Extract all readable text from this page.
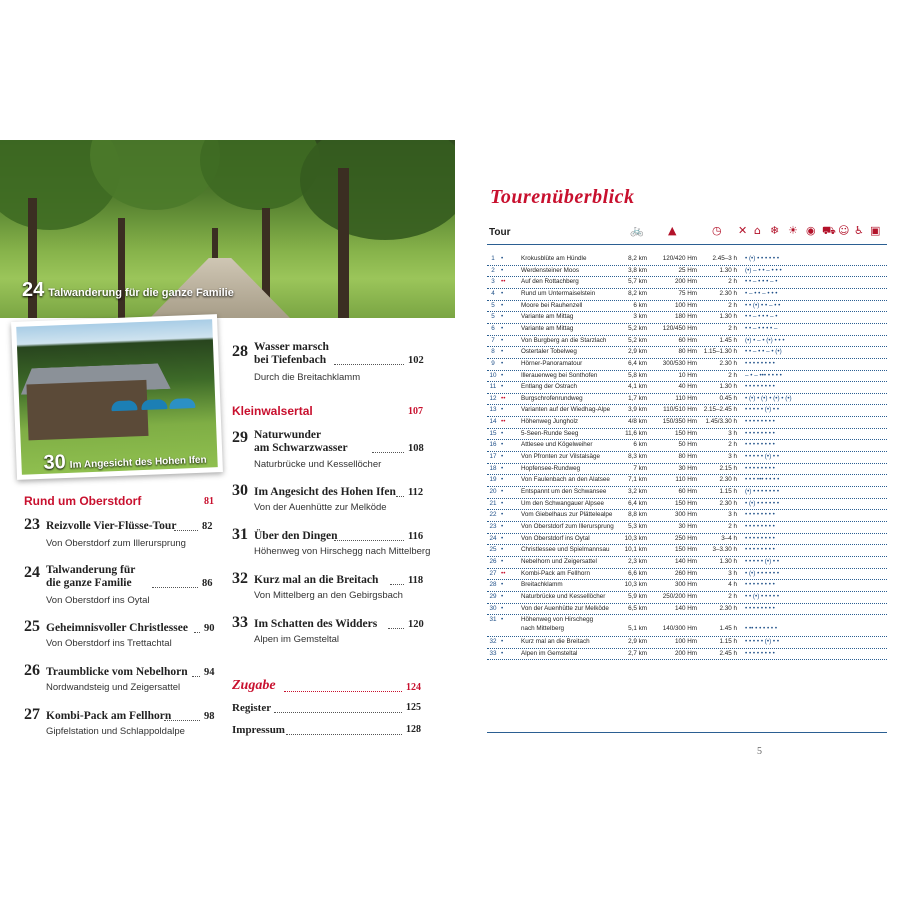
24 Talwanderung für die ganze Familie
30 Im Angesicht des Hohen Ifen
Rund um Oberstdorf	81
23 Reizvolle Vier-Flüsse-Tour 82
Von Oberstdorf zum Illerursprung
24 Talwanderung für
die ganze Familie	86
Von Oberstdorf ins Oytal
25 Geheimnisvoller Christlessee 90
Von Oberstdorf ins Trettachtal
26 Traumblicke vom Nebelhorn 94
Nordwandsteig und Zeigersattel
27 Kombi-Pack am Fellhorn	98
Gipfelstation und Schlappoldalpe
28 Wasser marsch
bei Tiefenbach	102
Durch die Breitachklamm
Kleinwalsertal	107
29 Naturwunder
am Schwarzwasser	108
Naturbrücke und Kessellöcher
30 Im Angesicht des Hohen Ifen 112
Von der Auenhütte zur Melköde
31 Über den Dingen	116
Höhenweg von Hirschegg nach Mittelberg
32 Kurz mal an die Breitach	118
Von Mittelberg an den Gebirgsbach
33 Im Schatten des Widders	120
Alpen im Gemsteltal
Zugabe	124
Register	125
Impressum	128
Tourenüberblick
Tour	🚲 ▲	◷ ✕ ⌂ ❄ ☀ ◉ ⛟ ☺ ♿ ▣
1 •	Krokusblüte am Hündle	8,2 km	120/420 Hm	2.45–3 h • (•) • • • • • •
2 •	Werdensteiner Moos	3,8 km	25 Hm	1.30 h (•) – • • – • • •
3 ••	Auf den Rottachberg	5,7 km	200 Hm	2 h • • – • • • – •
4 •	Rund um Untermaiselstein	8,2 km	75 Hm	2.30 h • – • • – • • •
5 •	Moore bei Rauhenzell	6 km	100 Hm	2 h • • (•) • • – • •
5 •	Variante am Mittag	3 km	180 Hm	1.30 h • • – • • • – •
6 •	Variante am Mittag	5,2 km	120/450 Hm	2 h • • – • • • • –
7 •	Von Burgberg an die Starzlach	5,2 km	60 Hm	1.45 h (•) • – • (•) • • •
8 •	Ostertaler Tobelweg	2,9 km	80 Hm	1.15–1.30 h • • – • • – • (•)
9 •	Hörner-Panoramatour	6,4 km	300/530 Hm	2.30 h • • • • • • • •
10 •	Illerauenweg bei Sonthofen	5,8 km	10 Hm	2 h – • – ••• • • • •
11 •	Entlang der Ostrach	4,1 km	40 Hm	1.30 h • • • • • • • •
12 ••	Burgschrofenrundweg	1,7 km	110 Hm	0.45 h • (•) • (•) • (•) • (•)
13 •	Varianten auf der Wiedhag-Alpe	3,9 km	110/510 Hm	2.15–2.45 h • • • • • (•) • •
14 ••	Höhenweg Jungholz	4/8 km	150/350 Hm	1.45/3.30 h • • • • • • • •
15 •	5-Seen-Runde Seeg	11,6 km	150 Hm	3 h • • • • • • • •
16 •	Attlesee und Kögelweiher	6 km	50 Hm	2 h • • • • • • • •
17 •	Von Pfronten zur Vilstalsäge	8,3 km	80 Hm	3 h • • • • • (•) • •
18 •	Hopfensee-Rundweg	7 km	30 Hm	2.15 h • • • • • • • •
19 •	Von Faulenbach an den Alatsee	7,1 km	110 Hm	2.30 h • • • ••• • • • •
20 •	Entspannt um den Schwansee	3,2 km	60 Hm	1.15 h (•) • • • • • • •
21 •	Um den Schwangauer Alpsee	6,4 km	150 Hm	2.30 h • (•) • • • • • •
22 •	Vom Giebelhaus zur Plättelealpe	8,8 km	300 Hm	3 h • • • • • • • •
23 •	Von Oberstdorf zum Illerursprung	5,3 km	30 Hm	2 h • • • • • • • •
24 •	Von Oberstdorf ins Oytal	10,3 km	250 Hm	3–4 h • • • • • • • •
25 •	Christlessee und Spielmannsau	10,1 km	150 Hm	3–3.30 h • • • • • • • •
26 •	Nebelhorn und Zeigersattel	2,3 km	140 Hm	1.30 h • • • • • (•) • •
27 ••	Kombi-Pack am Fellhorn	6,6 km	260 Hm	3 h • (•) • • • • • •
28 •	Breitachklamm	10,3 km	300 Hm	4 h • • • • • • • •
29 •	Naturbrücke und Kessellöcher	5,9 km	250/200 Hm	2 h • • (•) • • • • •
30 •	Von der Auenhütte zur Melköde	6,5 km	140 Hm	2.30 h • • • • • • • •
31 •	Höhenweg von Hirschegg
nach Mittelberg	5,1 km	140/300 Hm	1.45 h • •• • • • • • •
32 •	Kurz mal an die Breitach	2,9 km	100 Hm	1.15 h • • • • • (•) • •
33 •	Alpen im Gemsteltal	2,7 km	200 Hm	2.45 h • • • • • • • •
5
